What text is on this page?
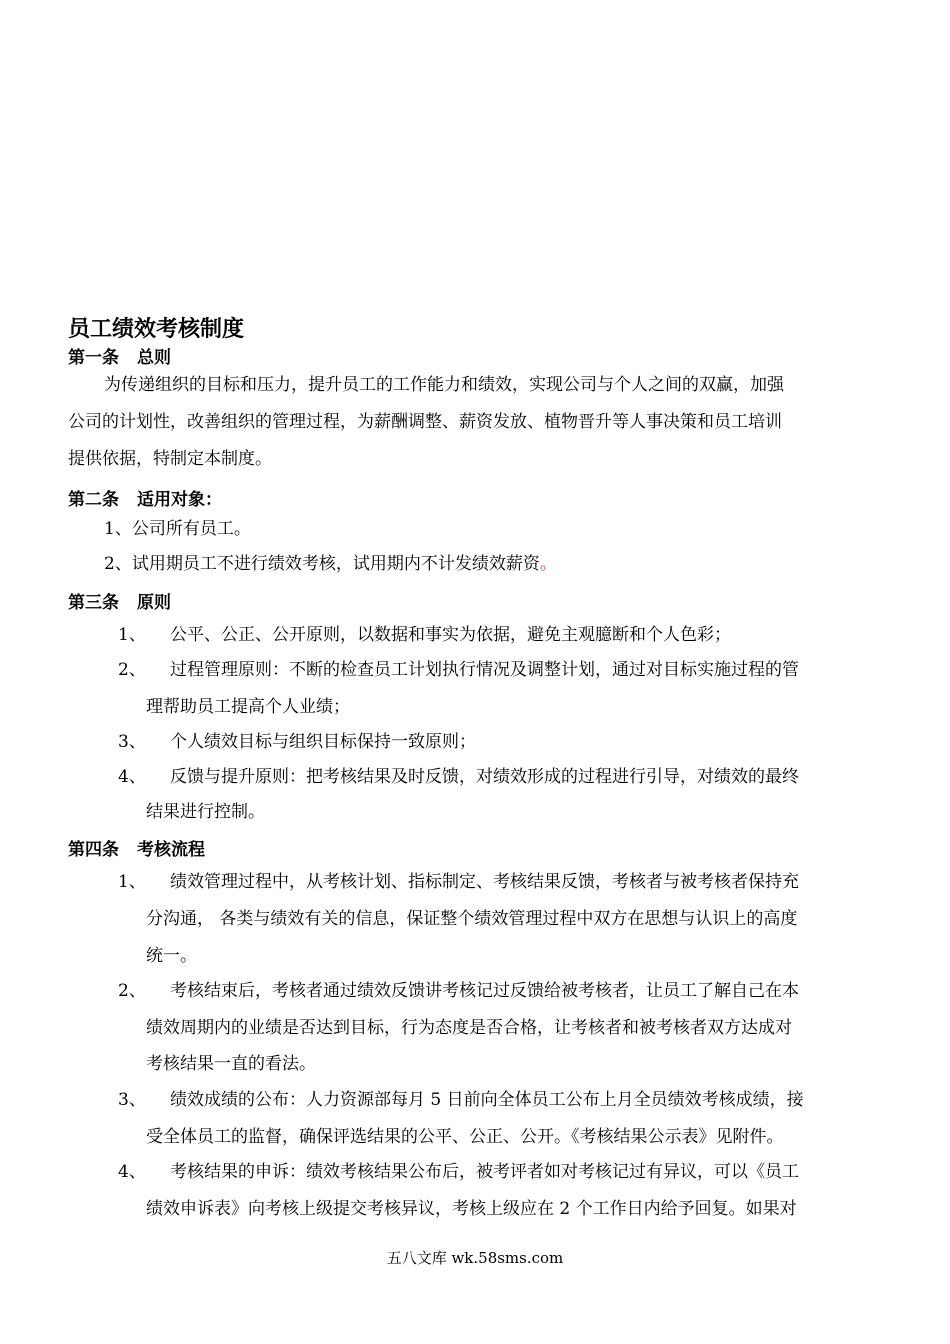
员工绩效考核制度
第一条 总则
为传递组织的目标和压力，提升员工的工作能力和绩效，实现公司与个人之间的双赢，加强
公司的计划性，改善组织的管理过程，为薪酬调整、薪资发放、植物晋升等人事决策和员工培训
提供依据，特制定本制度。
第二条 适用对象：
1、公司所有员工。
2、试用期员工不进行绩效考核，试用期内不计发绩效薪资。
第三条 原则
1、 公平、公正、公开原则，以数据和事实为依据，避免主观臆断和个人色彩；
2、 过程管理原则：不断的检查员工计划执行情况及调整计划，通过对目标实施过程的管
理帮助员工提高个人业绩；
3、 个人绩效目标与组织目标保持一致原则；
4、 反馈与提升原则：把考核结果及时反馈，对绩效形成的过程进行引导，对绩效的最终
结果进行控制。
第四条 考核流程
1、 绩效管理过程中，从考核计划、指标制定、考核结果反馈，考核者与被考核者保持充
分沟通， 各类与绩效有关的信息，保证整个绩效管理过程中双方在思想与认识上的高度
统一。
2、 考核结束后，考核者通过绩效反馈讲考核记过反馈给被考核者，让员工了解自己在本
绩效周期内的业绩是否达到目标，行为态度是否合格，让考核者和被考核者双方达成对
考核结果一直的看法。
3、 绩效成绩的公布：人力资源部每月 5 日前向全体员工公布上月全员绩效考核成绩，接
受全体员工的监督，确保评选结果的公平、公正、公开。《考核结果公示表》见附件。
4、 考核结果的申诉：绩效考核结果公布后，被考评者如对考核记过有异议，可以《员工
绩效申诉表》向考核上级提交考核异议，考核上级应在 2 个工作日内给予回复。如果对
五八文库 wk.58sms.com
